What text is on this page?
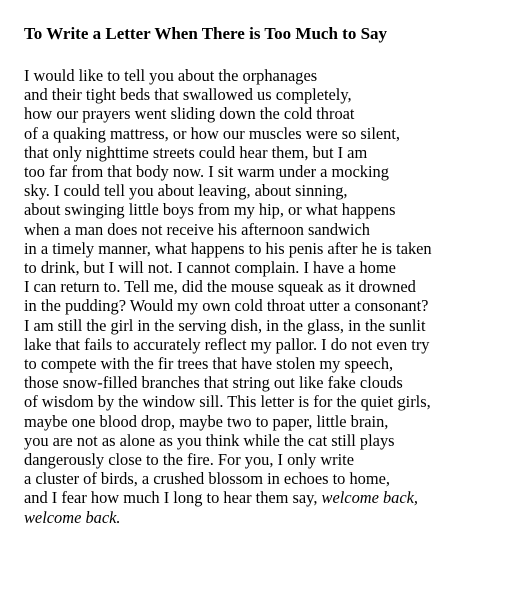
To Write a Letter When There is Too Much to Say
I would like to tell you about the orphanages
and their tight beds that swallowed us completely,
how our prayers went sliding down the cold throat
of a quaking mattress, or how our muscles were so silent,
that only nighttime streets could hear them, but I am
too far from that body now. I sit warm under a mocking
sky. I could tell you about leaving, about sinning,
about swinging little boys from my hip, or what happens
when a man does not receive his afternoon sandwich
in a timely manner, what happens to his penis after he is taken
to drink, but I will not. I cannot complain. I have a home
I can return to. Tell me, did the mouse squeak as it drowned
in the pudding? Would my own cold throat utter a consonant?
I am still the girl in the serving dish, in the glass, in the sunlit
lake that fails to accurately reflect my pallor. I do not even try
to compete with the fir trees that have stolen my speech,
those snow-filled branches that string out like fake clouds
of wisdom by the window sill. This letter is for the quiet girls,
maybe one blood drop, maybe two to paper, little brain,
you are not as alone as you think while the cat still plays
dangerously close to the fire. For you, I only write
a cluster of birds, a crushed blossom in echoes to home,
and I fear how much I long to hear them say, welcome back,
welcome back.
